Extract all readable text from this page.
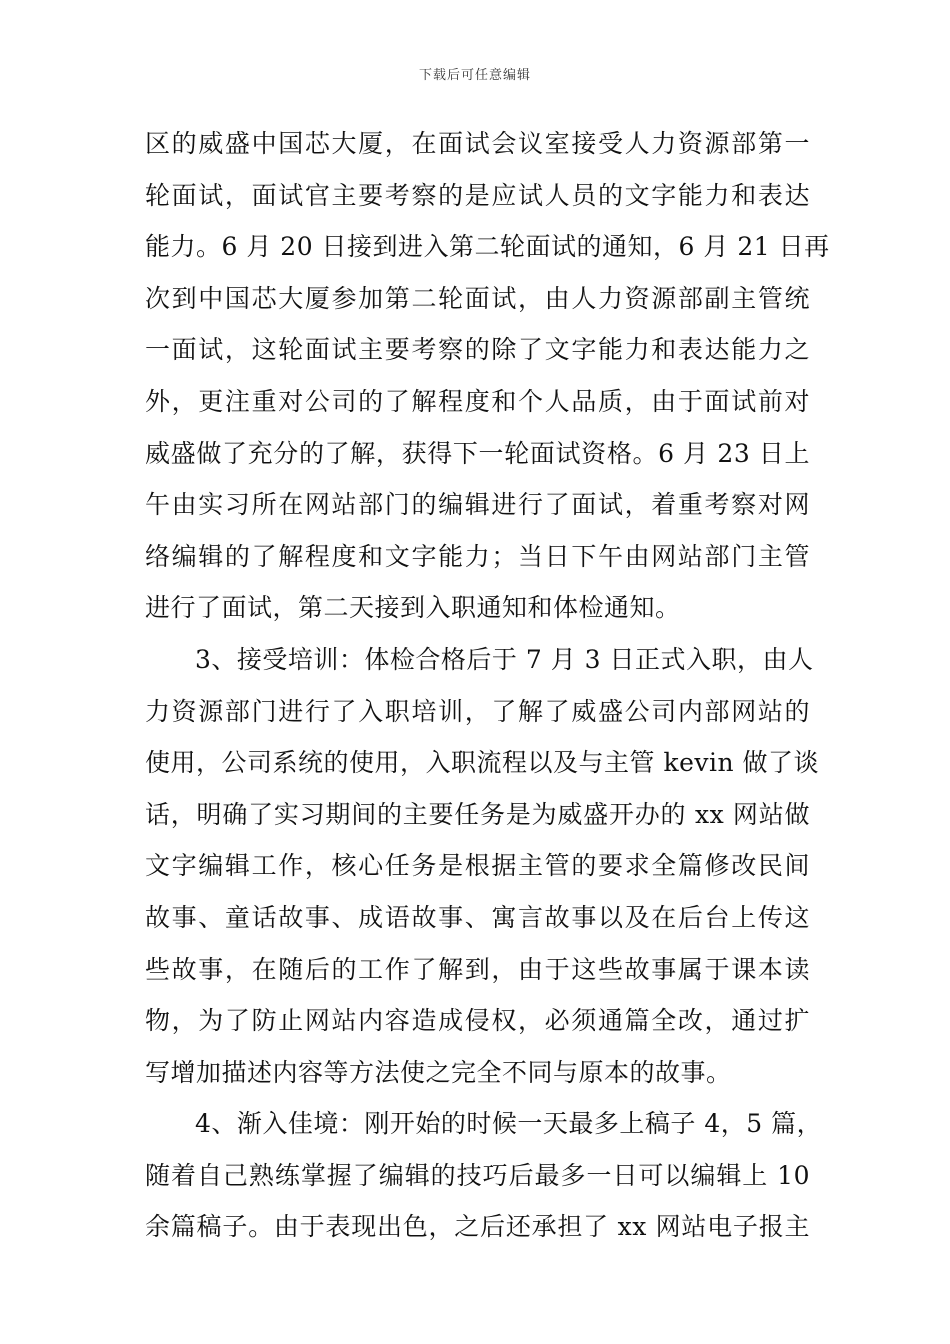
下载后可任意编辑
区的威盛中国芯大厦，在面试会议室接受人力资源部第一
轮面试，面试官主要考察的是应试人员的文字能力和表达
能力。6 月 20 日接到进入第二轮面试的通知，6 月 21 日再
次到中国芯大厦参加第二轮面试，由人力资源部副主管统
一面试，这轮面试主要考察的除了文字能力和表达能力之
外，更注重对公司的了解程度和个人品质，由于面试前对
威盛做了充分的了解，获得下一轮面试资格。6 月 23 日上
午由实习所在网站部门的编辑进行了面试，着重考察对网
络编辑的了解程度和文字能力；当日下午由网站部门主管
进行了面试，第二天接到入职通知和体检通知。
3、接受培训：体检合格后于 7 月 3 日正式入职，由人
力资源部门进行了入职培训，了解了威盛公司内部网站的
使用，公司系统的使用，入职流程以及与主管 kevin 做了谈
话，明确了实习期间的主要任务是为威盛开办的 xx 网站做
文字编辑工作，核心任务是根据主管的要求全篇修改民间
故事、童话故事、成语故事、寓言故事以及在后台上传这
些故事，在随后的工作了解到，由于这些故事属于课本读
物，为了防止网站内容造成侵权，必须通篇全改，通过扩
写增加描述内容等方法使之完全不同与原本的故事。
4、渐入佳境：刚开始的时候一天最多上稿子 4，5 篇，
随着自己熟练掌握了编辑的技巧后最多一日可以编辑上 10
余篇稿子。由于表现出色，之后还承担了 xx 网站电子报主
